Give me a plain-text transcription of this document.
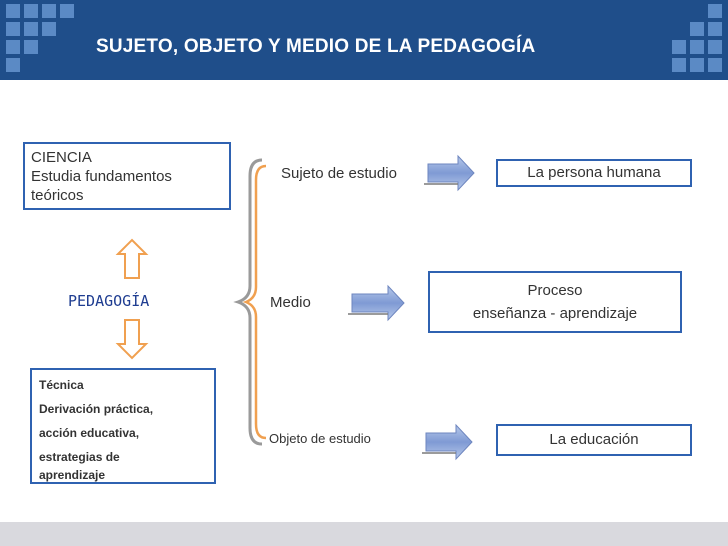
SUJETO, OBJETO Y MEDIO DE LA PEDAGOGÍA
CIENCIA
Estudia fundamentos
teóricos
PEDAGOGÍA
Técnica
Derivación práctica,
acción educativa,
estrategias de
aprendizaje
Sujeto de estudio
Medio
Objeto de estudio
La persona humana
Proceso
enseñanza - aprendizaje
La educación
